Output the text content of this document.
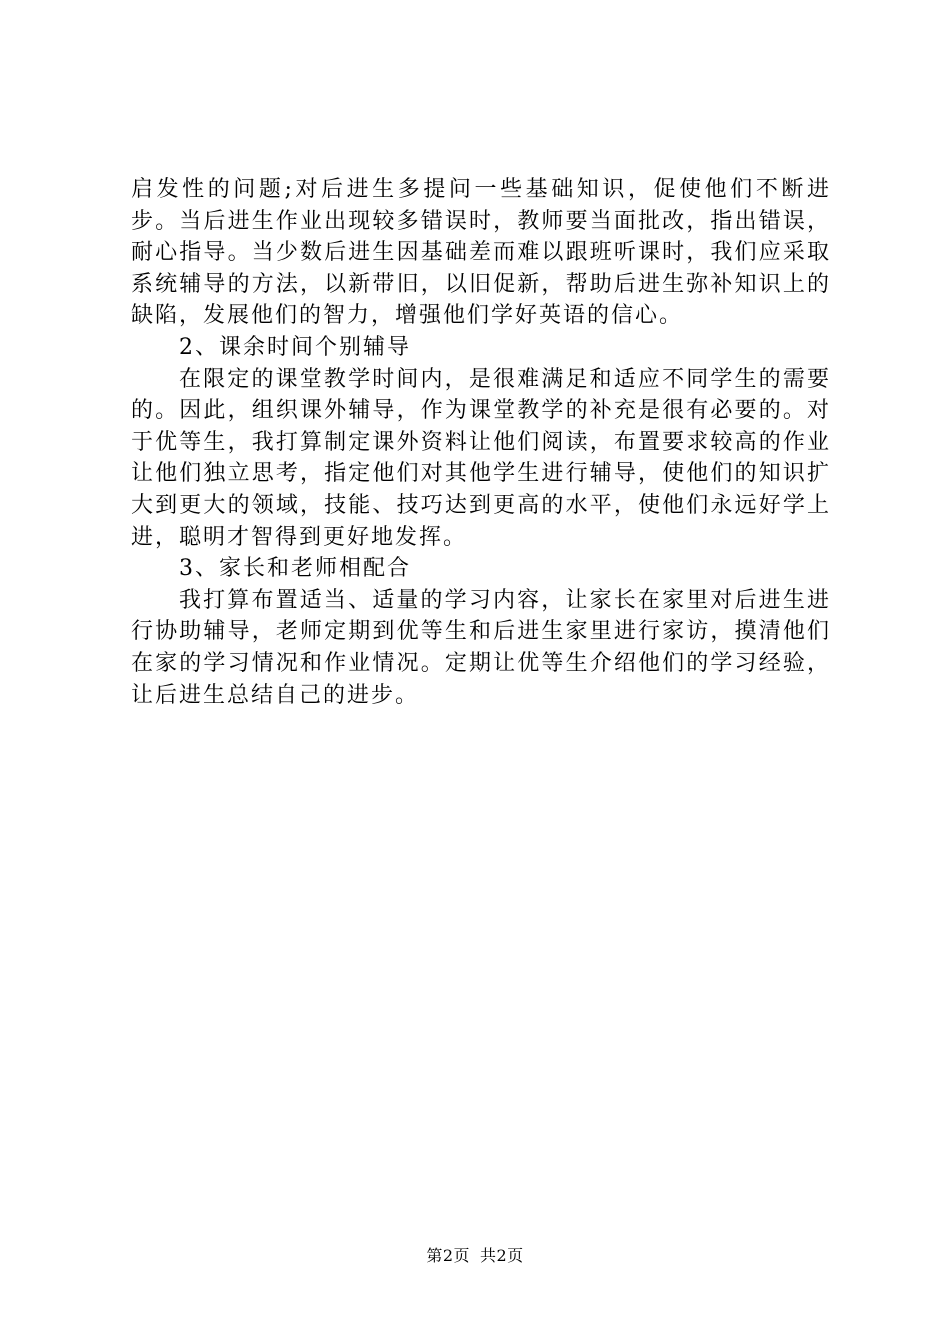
启发性的问题;对后进生多提问一些基础知识，促使他们不断进步。当后进生作业出现较多错误时，教师要当面批改，指出错误，耐心指导。当少数后进生因基础差而难以跟班听课时，我们应采取系统辅导的方法，以新带旧，以旧促新，帮助后进生弥补知识上的缺陷，发展他们的智力，增强他们学好英语的信心。

2、课余时间个别辅导

在限定的课堂教学时间内，是很难满足和适应不同学生的需要的。因此，组织课外辅导，作为课堂教学的补充是很有必要的。对于优等生，我打算制定课外资料让他们阅读，布置要求较高的作业让他们独立思考，指定他们对其他学生进行辅导，使他们的知识扩大到更大的领域，技能、技巧达到更高的水平，使他们永远好学上进，聪明才智得到更好地发挥。

3、家长和老师相配合

我打算布置适当、适量的学习内容，让家长在家里对后进生进行协助辅导，老师定期到优等生和后进生家里进行家访，摸清他们在家的学习情况和作业情况。定期让优等生介绍他们的学习经验，让后进生总结自己的进步。

第2页 共2页
